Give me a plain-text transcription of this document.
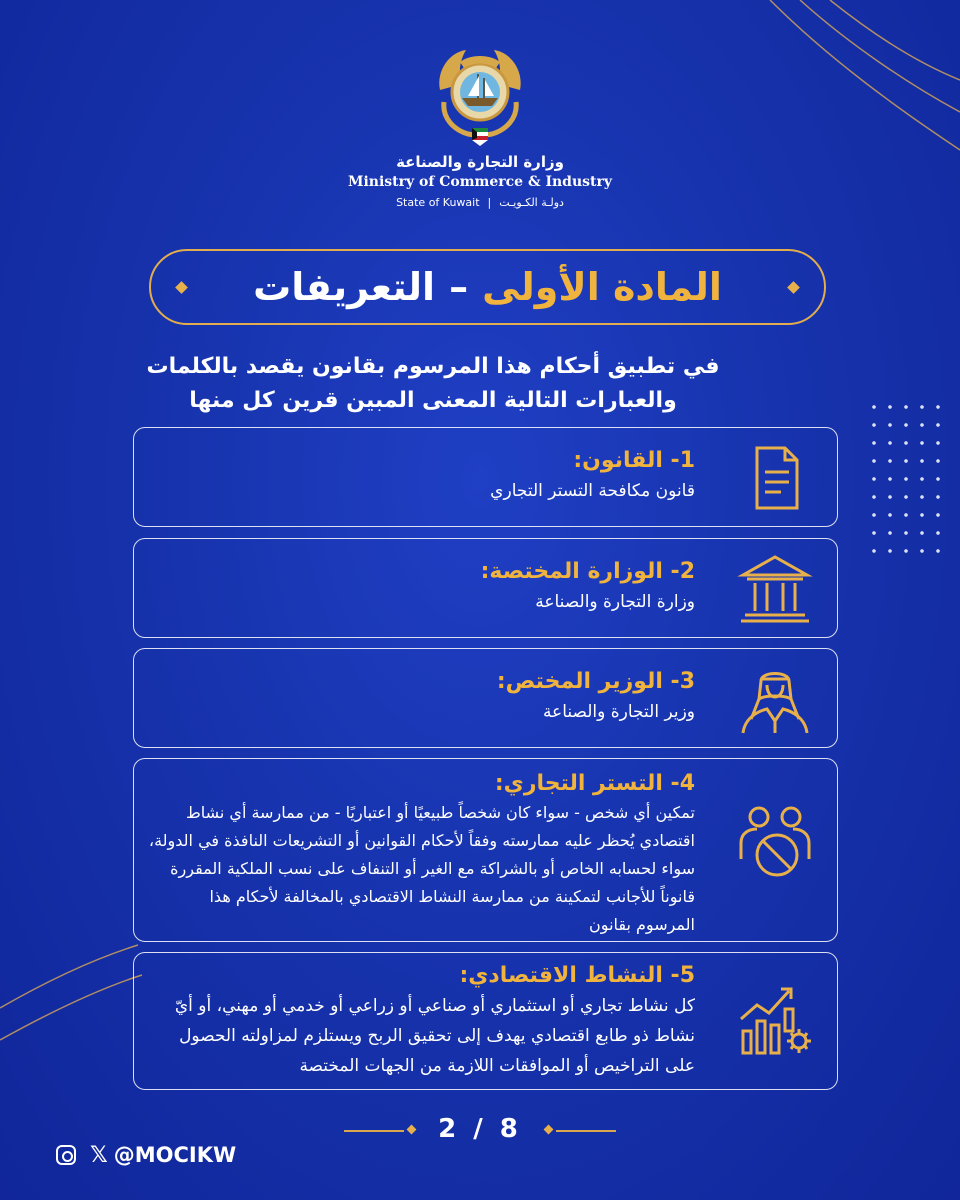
وزارة التجارة والصناعة
Ministry of Commerce & Industry
State of Kuwait | دولـة الكـويـت
المادة الأولى
–
التعريفات
في تطبيق أحكام هذا المرسوم بقانون يقصد بالكلمات
والعبارات التالية المعنى المبين قرين كل منها
1- القانون:
قانون مكافحة التستر التجاري
2- الوزارة المختصة:
وزارة التجارة والصناعة
3- الوزير المختص:
وزير التجارة والصناعة
4- التستر التجاري:
تمكين أي شخص - سواء كان شخصاً طبيعيًا أو اعتباريًا - من ممارسة أي نشاط اقتصادي يُحظر عليه ممارسته وفقاً لأحكام القوانين أو التشريعات النافذة في الدولة، سواء لحسابه الخاص أو بالشراكة مع الغير أو التنفاف على نسب الملكية المقررة قانوناً للأجانب لتمكينة من ممارسة النشاط الاقتصادي بالمخالفة لأحكام هذا المرسوم بقانون
5- النشاط الاقتصادي:
كل نشاط تجاري أو استثماري أو صناعي أو زراعي أو خدمي أو مهني، أو أيّ نشاط ذو طابع اقتصادي يهدف إلى تحقيق الربح ويستلزم لمزاولته الحصول على التراخيص أو الموافقات اللازمة من الجهات المختصة
2 / 8
𝕏 @MOCIKW
